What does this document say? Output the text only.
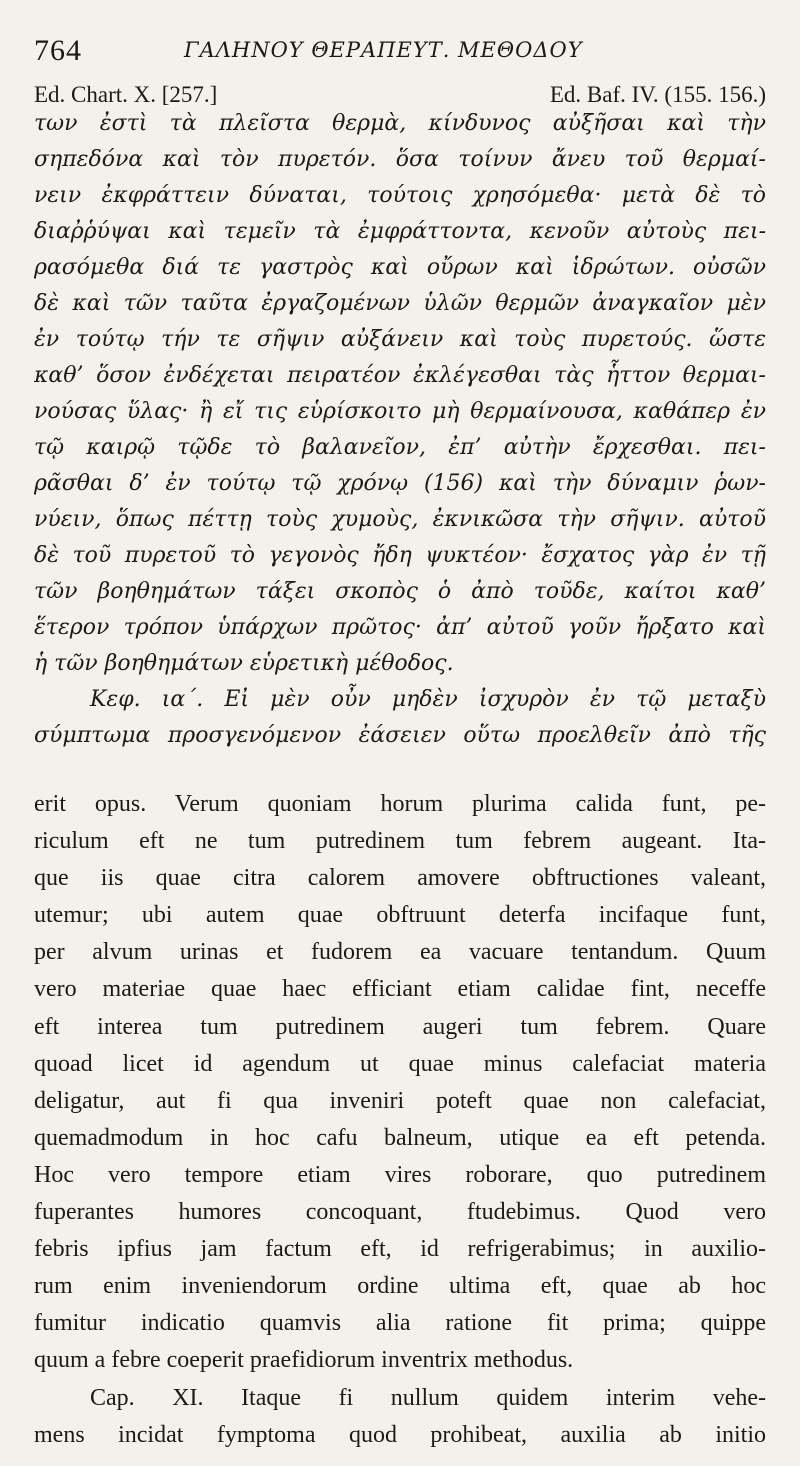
764	ΓΑΛΗΝΟΥ ΘΕΡΑΠΕΥΤ. ΜΕΘΟΔΟΥ
Ed. Chart. X. [257.]	Ed. Baf. IV. (155. 156.)
των ἐστὶ τὰ πλεῖστα θερμὰ, κίνδυνος αὐξῆσαι καὶ τὴν
σηπεδόνα καὶ τὸν πυρετόν. ὅσα τοίνυν ἄνευ τοῦ θερμαί-
νειν ἐκφράττειν δύναται, τούτοις χρησόμεθα· μετὰ δὲ τὸ
διαῤῥύψαι καὶ τεμεῖν τὰ ἐμφράττοντα, κενοῦν αὐτοὺς πει-
ρασόμεθα διά τε γαστρὸς καὶ οὔρων καὶ ἱδρώτων. οὐσῶν
δὲ καὶ τῶν ταῦτα ἐργαζομένων ὑλῶν θερμῶν ἀναγκαῖον μὲν
ἐν τούτῳ τήν τε σῆψιν αὐξάνειν καὶ τοὺς πυρετούς. ὥστε
καθ’ ὅσον ἐνδέχεται πειρατέον ἐκλέγεσθαι τὰς ἧττον θερμαι-
νούσας ὕλας· ἢ εἴ τις εὑρίσκοιτο μὴ θερμαίνουσα, καθάπερ ἐν
τῷ καιρῷ τῷδε τὸ βαλανεῖον, ἐπ’ αὐτὴν ἔρχεσθαι. πει-
ρᾶσθαι δ’ ἐν τούτῳ τῷ χρόνῳ (156) καὶ τὴν δύναμιν ῥων-
νύειν, ὅπως πέττῃ τοὺς χυμοὺς, ἐκνικῶσα τὴν σῆψιν. αὐτοῦ
δὲ τοῦ πυρετοῦ τὸ γεγονὸς ἤδη ψυκτέον· ἔσχατος γὰρ ἐν τῇ
τῶν βοηθημάτων τάξει σκοπὸς ὁ ἀπὸ τοῦδε, καίτοι καθ’
ἕτερον τρόπον ὑπάρχων πρῶτος· ἀπ’ αὐτοῦ γοῦν ἤρξατο καὶ
ἡ τῶν βοηθημάτων εὑρετικὴ μέθοδος.
Κεφ. ια΄. Εἰ μὲν οὖν μηδὲν ἰσχυρὸν ἐν τῷ μεταξὺ
σύμπτωμα προσγενόμενον ἐάσειεν οὕτω προελθεῖν ἀπὸ τῆς
erit opus. Verum quoniam horum plurima calida funt, pe-
riculum eft ne tum putredinem tum febrem augeant. Ita-
que iis quae citra calorem amovere obftructiones valeant,
utemur; ubi autem quae obftruunt deterfa incifaque funt,
per alvum urinas et fudorem ea vacuare tentandum. Quum
vero materiae quae haec efficiant etiam calidae fint, neceffe
eft interea tum putredinem augeri tum febrem. Quare
quoad licet id agendum ut quae minus calefaciat materia
deligatur, aut fi qua inveniri poteft quae non calefaciat,
quemadmodum in hoc cafu balneum, utique ea eft petenda.
Hoc vero tempore etiam vires roborare, quo putredinem
fuperantes humores concoquant, ftudebimus. Quod vero
febris ipfius jam factum eft, id refrigerabimus; in auxilio-
rum enim inveniendorum ordine ultima eft, quae ab hoc
fumitur indicatio quamvis alia ratione fit prima; quippe
quum a febre coeperit praefidiorum inventrix methodus.
Cap. XI. Itaque fi nullum quidem interim vehe-
mens incidat fymptoma quod prohibeat, auxilia ab initio
